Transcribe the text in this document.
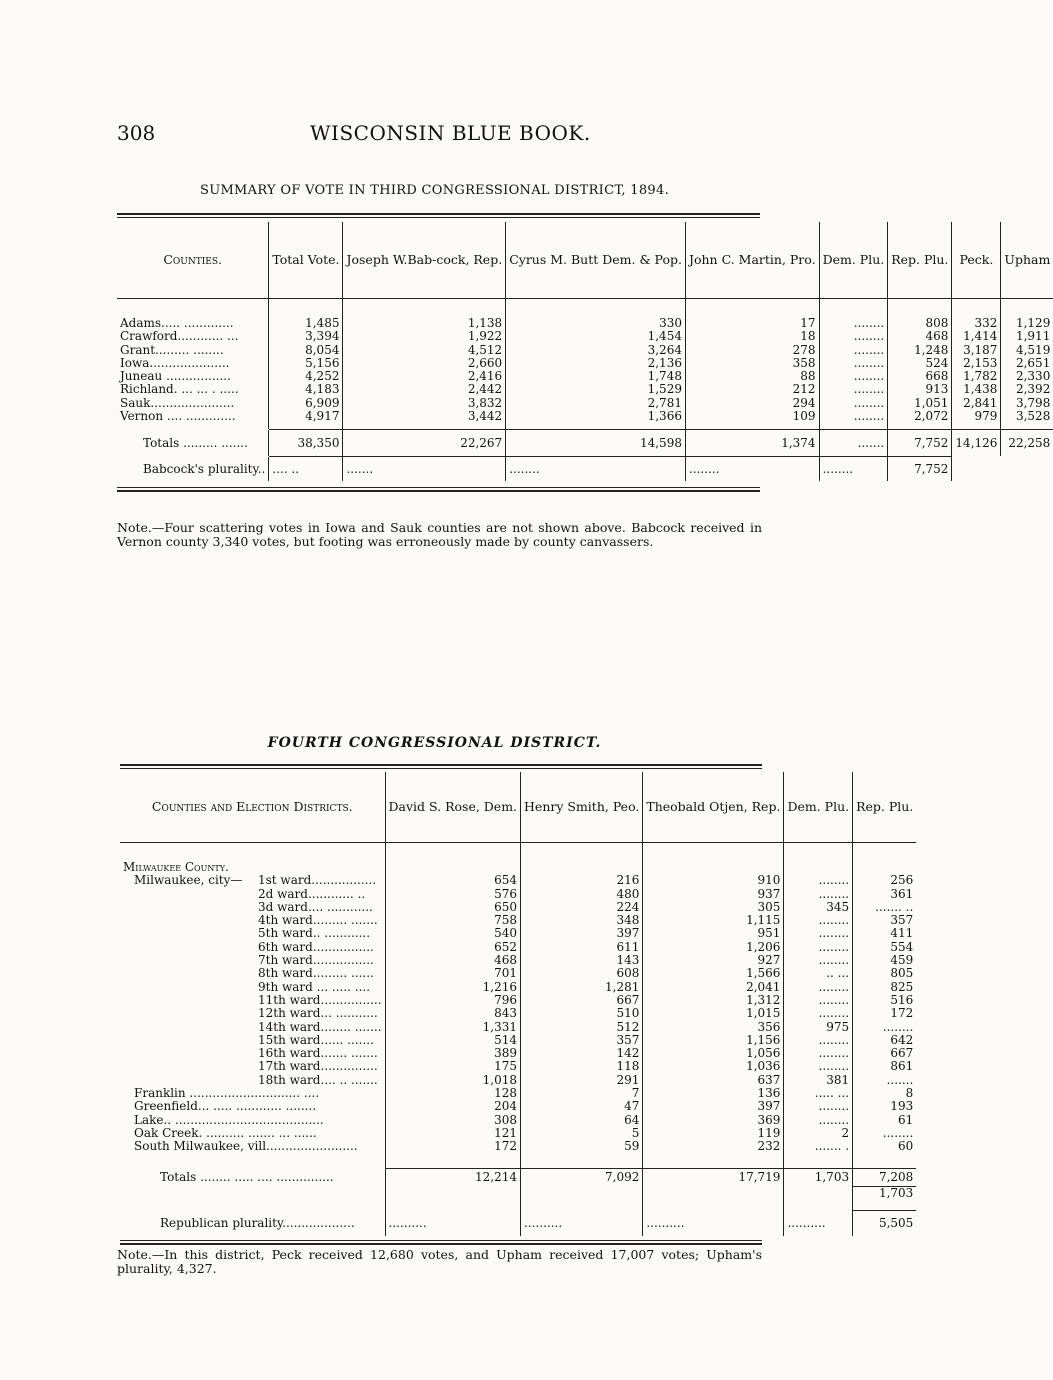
308	WISCONSIN BLUE BOOK.
SUMMARY OF VOTE IN THIRD CONGRESSIONAL DISTRICT, 1894.
Counties.	Total Vote.	Joseph W.Bab-cock, Rep.	Cyrus M. Butt Dem. & Pop.	John C. Martin, Pro.	Dem. Plu.	Rep. Plu.	Peck.	Upham

Adams..... .............	1,485	1,138	330	17	........	808	332	1,129
Crawford............ ...	3,394	1,922	1,454	18	........	468	1,414	1,911
Grant......... ........	8,054	4,512	3,264	278	........	1,248	3,187	4,519
Iowa.....................	5,156	2,660	2,136	358	........	524	2,153	2,651
Juneau .................	4,252	2,416	1,748	88	........	668	1,782	2,330
Richland. ... ... . .....	4,183	2,442	1,529	212	........	913	1,438	2,392
Sauk......................	6,909	3,832	2,781	294	........	1,051	2,841	3,798
Vernon .... .............	4,917	3,442	1,366	109	........	2,072	979	3,528

Totals ......... .......	38,350	22,267	14,598	1,374	.......	7,752	14,126	22,258

Babcock's plurality..	.... ..	.......	........	........	........	7,752		
Note.—Four scattering votes in Iowa and Sauk counties are not shown above. Babcock received in Vernon county 3,340 votes, but footing was erroneously made by county canvassers.
FOURTH CONGRESSIONAL DISTRICT.
Counties and Election Districts.	David S. Rose, Dem.	Henry Smith, Peo.	Theobald Otjen, Rep.	Dem. Plu.	Rep. Plu.

Milwaukee County.					
Milwaukee, city— 1st ward.................	654	216	910	........	256
2d ward............ ..	576	480	937	........	361
3d ward.... ............	650	224	305	345	....... ..
4th ward......... .......	758	348	1,115	........	357
5th ward.. ............	540	397	951	........	411
6th ward................	652	611	1,206	........	554
7th ward................	468	143	927	........	459
8th ward......... ......	701	608	1,566	.. ...	805
9th ward ... ..... ....	1,216	1,281	2,041	........	825
11th ward................	796	667	1,312	........	516
12th ward... ...........	843	510	1,015	........	172
14th ward........ .......	1,331	512	356	975	........
15th ward...... .......	514	357	1,156	........	642
16th ward....... .......	389	142	1,056	........	667
17th ward...............	175	118	1,036	........	861
18th ward.... .. .......	1,018	291	637	381	.......
Franklin ............................. ....	128	7	136	..... ...	8
Greenfield... ..... ............ ........	204	47	397	........	193
Lake.. .......................................	308	64	369	........	61
Oak Creek. .......... ....... ... ......	121	5	119	2	........
South Milwaukee, vill........................	172	59	232	....... .	60

Totals ........ ..... .... ...............	12,214	7,092	17,719	1,703	7,208
					1,703

Republican plurality...................	..........	..........	..........	..........	5,505
Note.—In this district, Peck received 12,680 votes, and Upham received 17,007 votes; Upham's plurality, 4,327.
